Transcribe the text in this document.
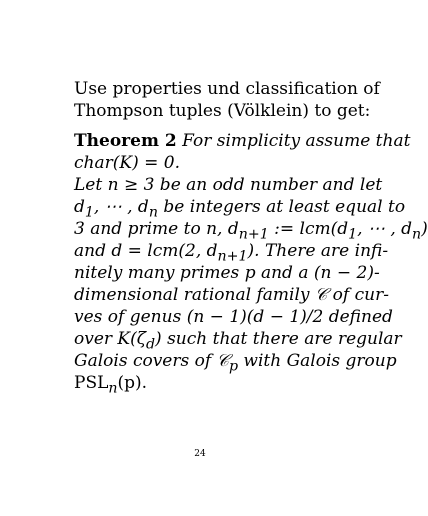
Use properties und classification of
Thompson tuples (Völklein) to get:
Theorem 2 For simplicity assume that
char(K) = 0.
Let n ≥ 3 be an odd number and let
$d_1$, ⋯ , $d_n$ be integers at least equal to
3 and prime to n, $d_{n+1}$ := $lcm(d_1$, ⋯ , $d_n$)
and d = lcm(2, $d_{n+1}$). There are infi-
nitely many primes p and a (n − 2)-
dimensional rational family 𝒞 of cur-
ves of genus (n − 1)(d − 1)/2 defined
over $K(\zeta_d)$ such that there are regular
Galois covers of 𝒞$_p$ with Galois group
$PSL_n(p)$.
24
